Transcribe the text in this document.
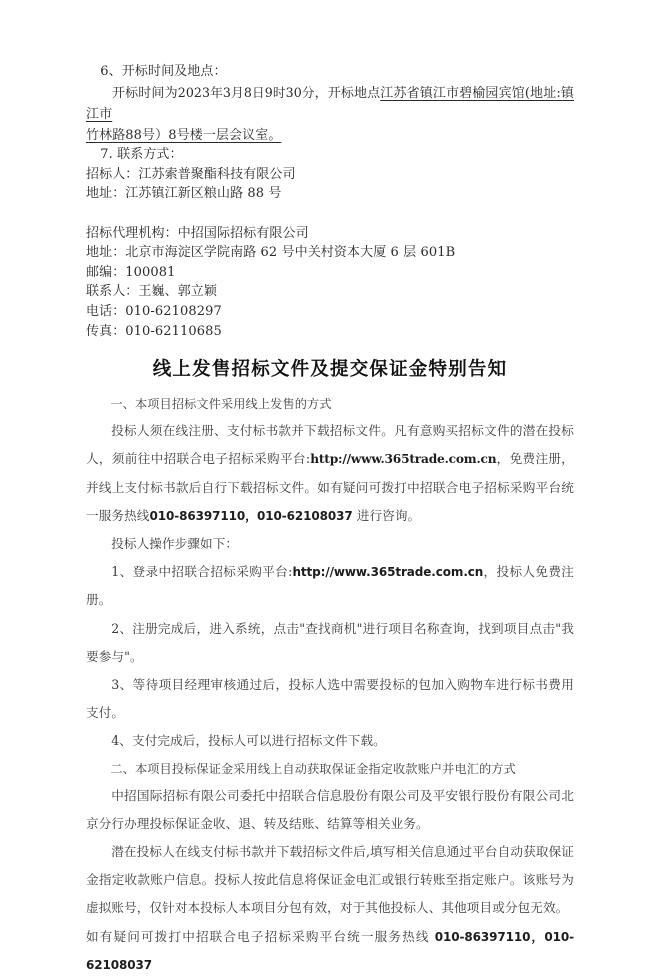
6、开标时间及地点：

开标时间为2023年3月8日9时30分，开标地点江苏省镇江市碧榆园宾馆(地址:镇江市

竹林路88号）8号楼一层会议室。

7. 联系方式：

招标人：江苏索普聚酯科技有限公司

地址：江苏镇江新区粮山路 88 号

招标代理机构：中招国际招标有限公司

地址：北京市海淀区学院南路 62 号中关村资本大厦 6 层 601B

邮编：100081

联系人：王巍、郭立颖

电话：010-62108297

传真：010-62110685

线上发售招标文件及提交保证金特别告知

一、本项目招标文件采用线上发售的方式

投标人须在线注册、支付标书款并下载招标文件。凡有意购买招标文件的潜在投标人，须前往中招联合电子招标采购平台:http://www.365trade.com.cn，免费注册，并线上支付标书款后自行下载招标文件。如有疑问可拨打中招联合电子招标采购平台统一服务热线010-86397110，010-62108037 进行咨询。

投标人操作步骤如下：

1、登录中招联合招标采购平台:http://www.365trade.com.cn，投标人免费注册。

2、注册完成后，进入系统，点击"查找商机"进行项目名称查询，找到项目点击"我要参与"。

3、等待项目经理审核通过后，投标人选中需要投标的包加入购物车进行标书费用支付。

4、支付完成后，投标人可以进行招标文件下载。

二、本项目投标保证金采用线上自动获取保证金指定收款账户并电汇的方式

中招国际招标有限公司委托中招联合信息股份有限公司及平安银行股份有限公司北京分行办理投标保证金收、退、转及结账、结算等相关业务。

潜在投标人在线支付标书款并下载招标文件后,填写相关信息通过平台自动获取保证金指定收款账户信息。投标人按此信息将保证金电汇或银行转账至指定账户。该账号为虚拟账号，仅针对本投标人本项目分包有效，对于其他投标人、其他项目或分包无效。

如有疑问可拨打中招联合电子招标采购平台统一服务热线 010-86397110，010-62108037
